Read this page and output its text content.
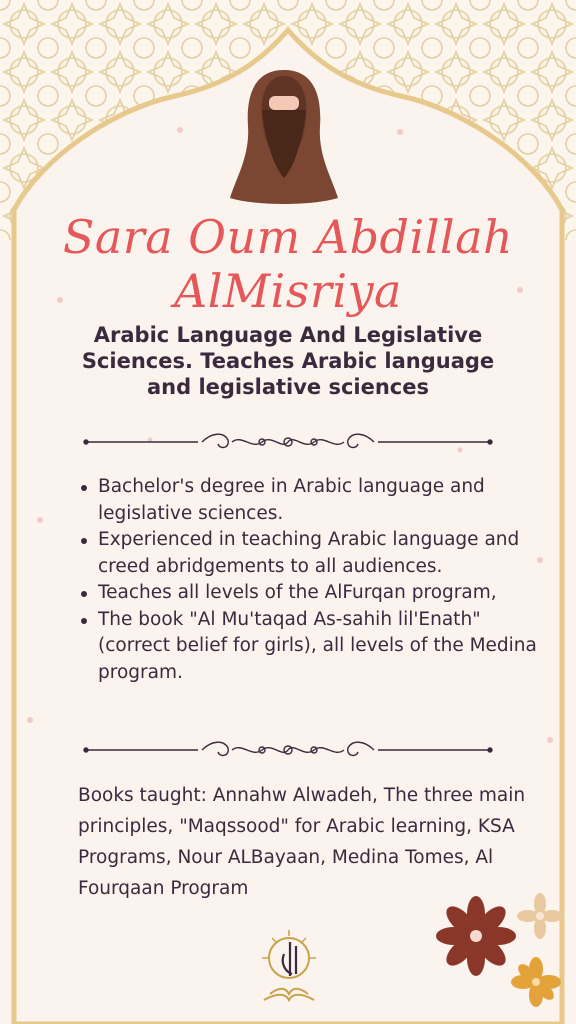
Sara Oum Abdillah
AlMisriya
Arabic Language And Legislative Sciences. Teaches Arabic language and legislative sciences
Bachelor's degree in Arabic language and legislative sciences.
Experienced in teaching Arabic language and creed abridgements to all audiences.
Teaches all levels of the AlFurqan program,
The book "Al Mu'taqad As-sahih lil'Enath" (correct belief for girls), all levels of the Medina program.
Books taught: Annahw Alwadeh, The three main principles, "Maqssood" for Arabic learning, KSA Programs, Nour ALBayaan, Medina Tomes, Al Fourqaan Program
